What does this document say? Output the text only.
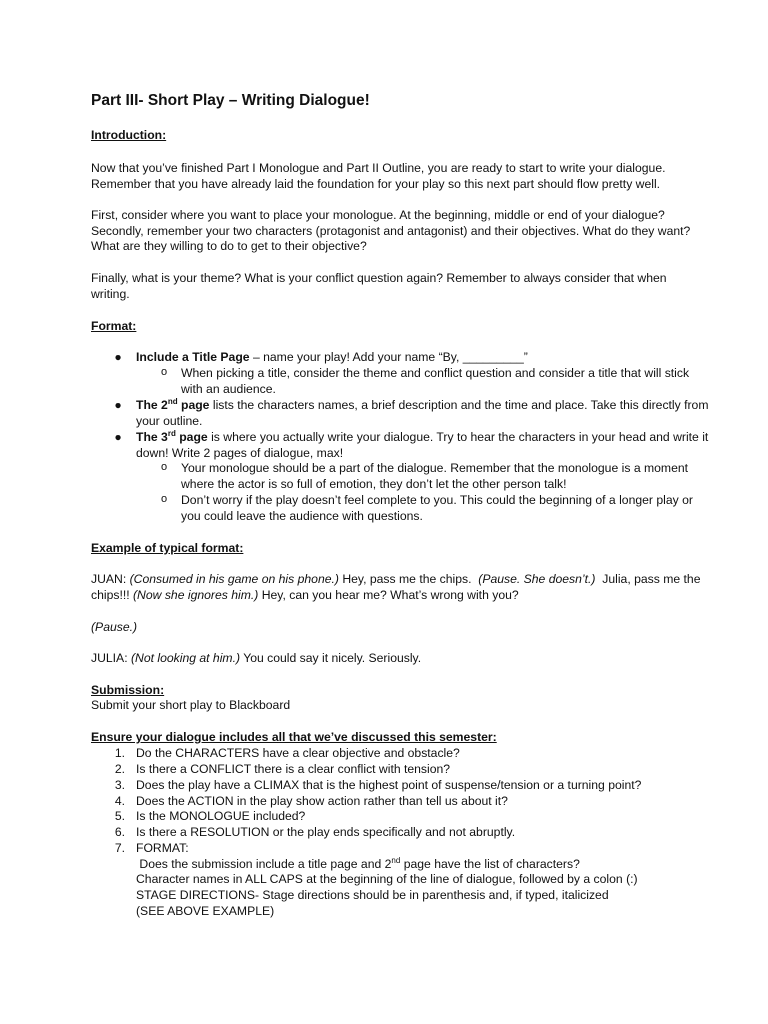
Part III- Short Play – Writing Dialogue!

Introduction:

Now that you’ve finished Part I Monologue and Part II Outline, you are ready to start to write your dialogue.

Remember that you have already laid the foundation for your play so this next part should flow pretty well.

First, consider where you want to place your monologue. At the beginning, middle or end of your dialogue?

Secondly, remember your two characters (protagonist and antagonist) and their objectives. What do they want?

What are they willing to do to get to their objective?

Finally, what is your theme? What is your conflict question again? Remember to always consider that when

writing.

Format:

● Include a Title Page – name your play! Add your name “By, _________”

o When picking a title, consider the theme and conflict question and consider a title that will stick

with an audience.

● The 2nd page lists the characters names, a brief description and the time and place. Take this directly from

your outline.

● The 3rd page is where you actually write your dialogue. Try to hear the characters in your head and write it

down! Write 2 pages of dialogue, max!

o Your monologue should be a part of the dialogue. Remember that the monologue is a moment

where the actor is so full of emotion, they don’t let the other person talk!

o Don’t worry if the play doesn’t feel complete to you. This could the beginning of a longer play or

you could leave the audience with questions.

Example of typical format:

JUAN: (Consumed in his game on his phone.) Hey, pass me the chips.  (Pause. She doesn’t.)  Julia, pass me the

chips!!! (Now she ignores him.) Hey, can you hear me? What’s wrong with you?

(Pause.)

JULIA: (Not looking at him.) You could say it nicely. Seriously.

Submission:

Submit your short play to Blackboard

Ensure your dialogue includes all that we’ve discussed this semester:

1. Do the CHARACTERS have a clear objective and obstacle?

2. Is there a CONFLICT there is a clear conflict with tension?

3. Does the play have a CLIMAX that is the highest point of suspense/tension or a turning point?

4. Does the ACTION in the play show action rather than tell us about it?

5. Is the MONOLOGUE included?

6. Is there a RESOLUTION or the play ends specifically and not abruptly.

7. FORMAT:

Does the submission include a title page and 2nd page have the list of characters?

Character names in ALL CAPS at the beginning of the line of dialogue, followed by a colon (:)

STAGE DIRECTIONS- Stage directions should be in parenthesis and, if typed, italicized

(SEE ABOVE EXAMPLE)
